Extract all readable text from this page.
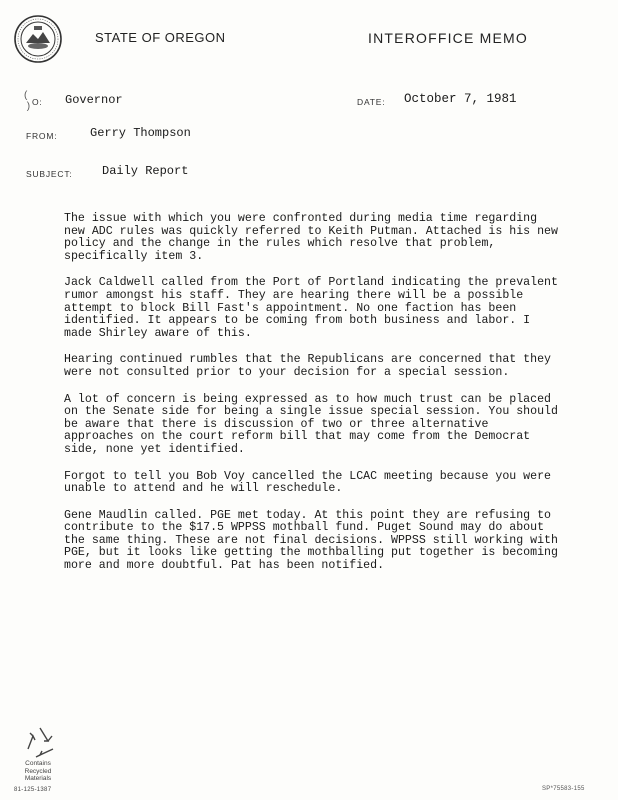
STATE OF OREGON	INTEROFFICE MEMO
(
) O: Governor	DATE: October 7, 1981
FROM:	Gerry Thompson
SUBJECT: Daily Report

The issue with which you were confronted during media time regarding new ADC rules was quickly referred to Keith Putman. Attached is his new policy and the change in the rules which resolve that problem, specifically item 3.

Jack Caldwell called from the Port of Portland indicating the prevalent rumor amongst his staff. They are hearing there will be a possible attempt to block Bill Fast's appointment. No one faction has been identified. It appears to be coming from both business and labor. I made Shirley aware of this.

Hearing continued rumbles that the Republicans are concerned that they were not consulted prior to your decision for a special session.

A lot of concern is being expressed as to how much trust can be placed on the Senate side for being a single issue special session. You should be aware that there is discussion of two or three alternative approaches on the court reform bill that may come from the Democrat side, none yet identified.

Forgot to tell you Bob Voy cancelled the LCAC meeting because you were unable to attend and he will reschedule.

Gene Maudlin called. PGE met today. At this point they are refusing to contribute to the $17.5 WPPSS mothball fund. Puget Sound may do about the same thing. These are not final decisions. WPPSS still working with PGE, but it looks like getting the mothballing put together is becoming more and more doubtful. Pat has been notified.

Contains Recycled Materials
81-125-1387	SP*75583-155
